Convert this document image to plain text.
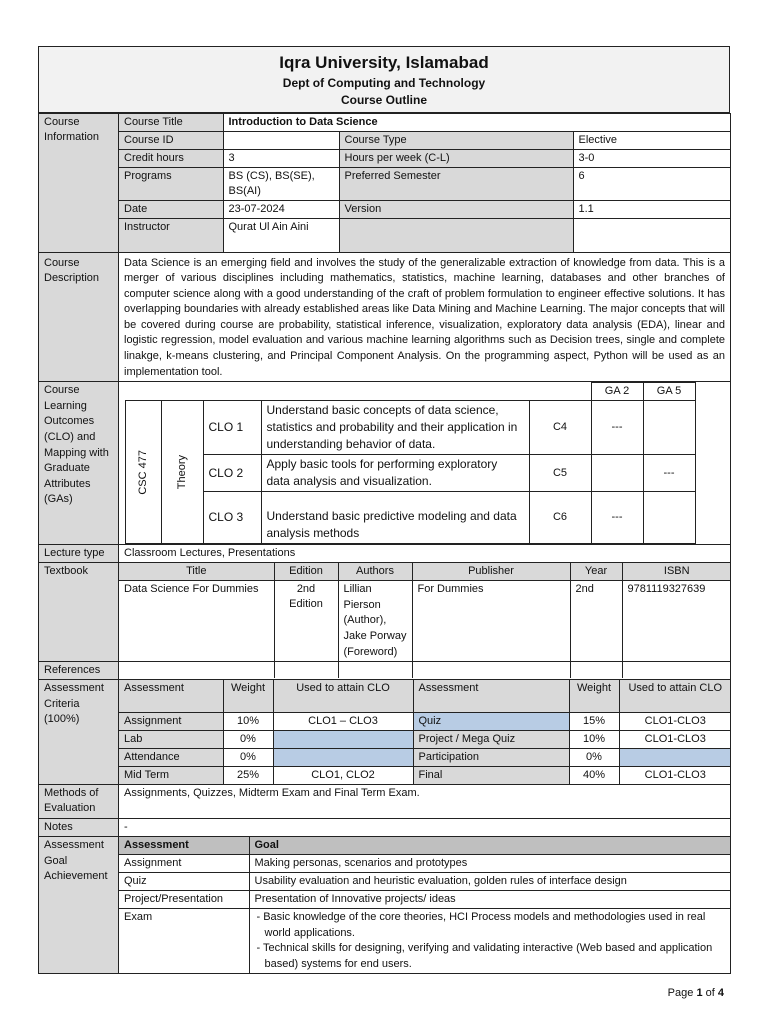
Iqra University, Islamabad
Dept of Computing and Technology
Course Outline
Course Information	
Course Title	Introduction to Data Science
Course ID		Course Type	Elective
Credit hours	3	Hours per week (C-L)	3-0
Programs	BS (CS), BS(SE), BS(AI)	Preferred Semester	6
Date	23-07-2024	Version	1.1
Instructor	Qurat Ul Ain Aini		

Course Description	Data Science is an emerging field and involves the study of the generalizable extraction of knowledge from data. This is a merger of various disciplines including mathematics, statistics, machine learning, databases and other branches of computer science along with a good understanding of the craft of problem formulation to engineer effective solutions. It has overlapping boundaries with already established areas like Data Mining and Machine Learning. The major concepts that will be covered during course are probability, statistical inference, visualization, exploratory data analysis (EDA), linear and logistic regression, model evaluation and various machine learning algorithms such as Decision trees, single and complete linakge, k-means clustering, and Principal Component Analysis. On the programming aspect, Python will be used as an implementation tool.
Course Learning Outcomes (CLO) and Mapping with Graduate Attributes (GAs)	
	GA 2	GA 5	

CSC 477	Theory
	CLO 1	Understand basic concepts of data science, statistics and probability and their application in understanding behavior of data.	C4	---		
CLO 2	Apply basic tools for performing exploratory data analysis and visualization.	C5		---
CLO 3	Understand basic predictive modeling and data analysis methods	C6	---	

Lecture type	Classroom Lectures, Presentations
Textbook		Title	Edition	Authors	Publisher	Year	ISBN
Data Science For Dummies	2nd Edition	Lillian Pierson (Author), Jake Porway (Foreword)	For Dummies	2nd	9781119327639

References	

Assessment Criteria (100%)	
Assessment	Weight	Used to attain CLO	Assessment	Weight	Used to attain CLO
Assignment	10%	CLO1 – CLO3	Quiz	15%	CLO1-CLO3
Lab	0%		Project / Mega Quiz	10%	CLO1-CLO3
Attendance	0%		Participation	0%	
Mid Term	25%	CLO1, CLO2	Final	40%	CLO1-CLO3

Methods of Evaluation	Assignments, Quizzes, Midterm Exam and Final Term Exam.
Notes	-
Assessment Goal Achievement	
Assessment	Goal
Assignment	Making personas, scenarios and prototypes
Quiz	Usability evaluation and heuristic evaluation, golden rules of interface design
Project/Presentation	Presentation of Innovative projects/ ideas
Exam	- Basic knowledge of the core theories, HCI Process models and methodologies used in real world applications.
- Technical skills for designing, verifying and validating interactive (Web based and application based) systems for end users.
Page 1 of 4
